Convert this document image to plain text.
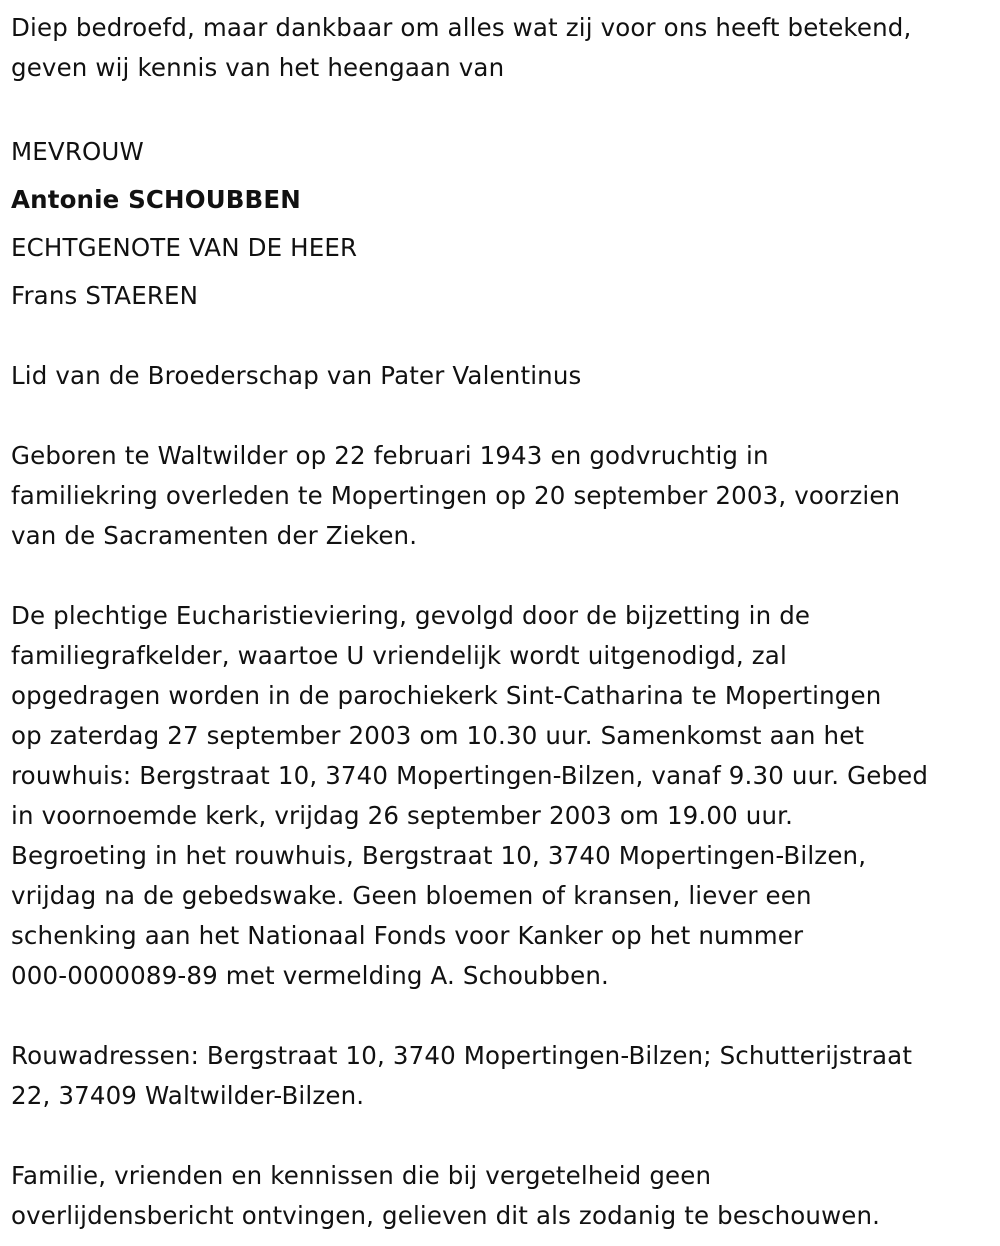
Diep bedroefd, maar dankbaar om alles wat zij voor ons heeft betekend,

geven wij kennis van het heengaan van

MEVROUW

Antonie SCHOUBBEN

ECHTGENOTE VAN DE HEER

Frans STAEREN

Lid van de Broederschap van Pater Valentinus

Geboren te Waltwilder op 22 februari 1943 en godvruchtig in

familiekring overleden te Mopertingen op 20 september 2003, voorzien

van de Sacramenten der Zieken.

De plechtige Eucharistieviering, gevolgd door de bijzetting in de

familiegrafkelder, waartoe U vriendelijk wordt uitgenodigd, zal

opgedragen worden in de parochiekerk Sint-Catharina te Mopertingen

op zaterdag 27 september 2003 om 10.30 uur. Samenkomst aan het

rouwhuis: Bergstraat 10, 3740 Mopertingen-Bilzen, vanaf 9.30 uur. Gebed

in voornoemde kerk, vrijdag 26 september 2003 om 19.00 uur.

Begroeting in het rouwhuis, Bergstraat 10, 3740 Mopertingen-Bilzen,

vrijdag na de gebedswake. Geen bloemen of kransen, liever een

schenking aan het Nationaal Fonds voor Kanker op het nummer

000-0000089-89 met vermelding A. Schoubben.

Rouwadressen: Bergstraat 10, 3740 Mopertingen-Bilzen; Schutterijstraat

22, 37409 Waltwilder-Bilzen.

Familie, vrienden en kennissen die bij vergetelheid geen

overlijdensbericht ontvingen, gelieven dit als zodanig te beschouwen.
